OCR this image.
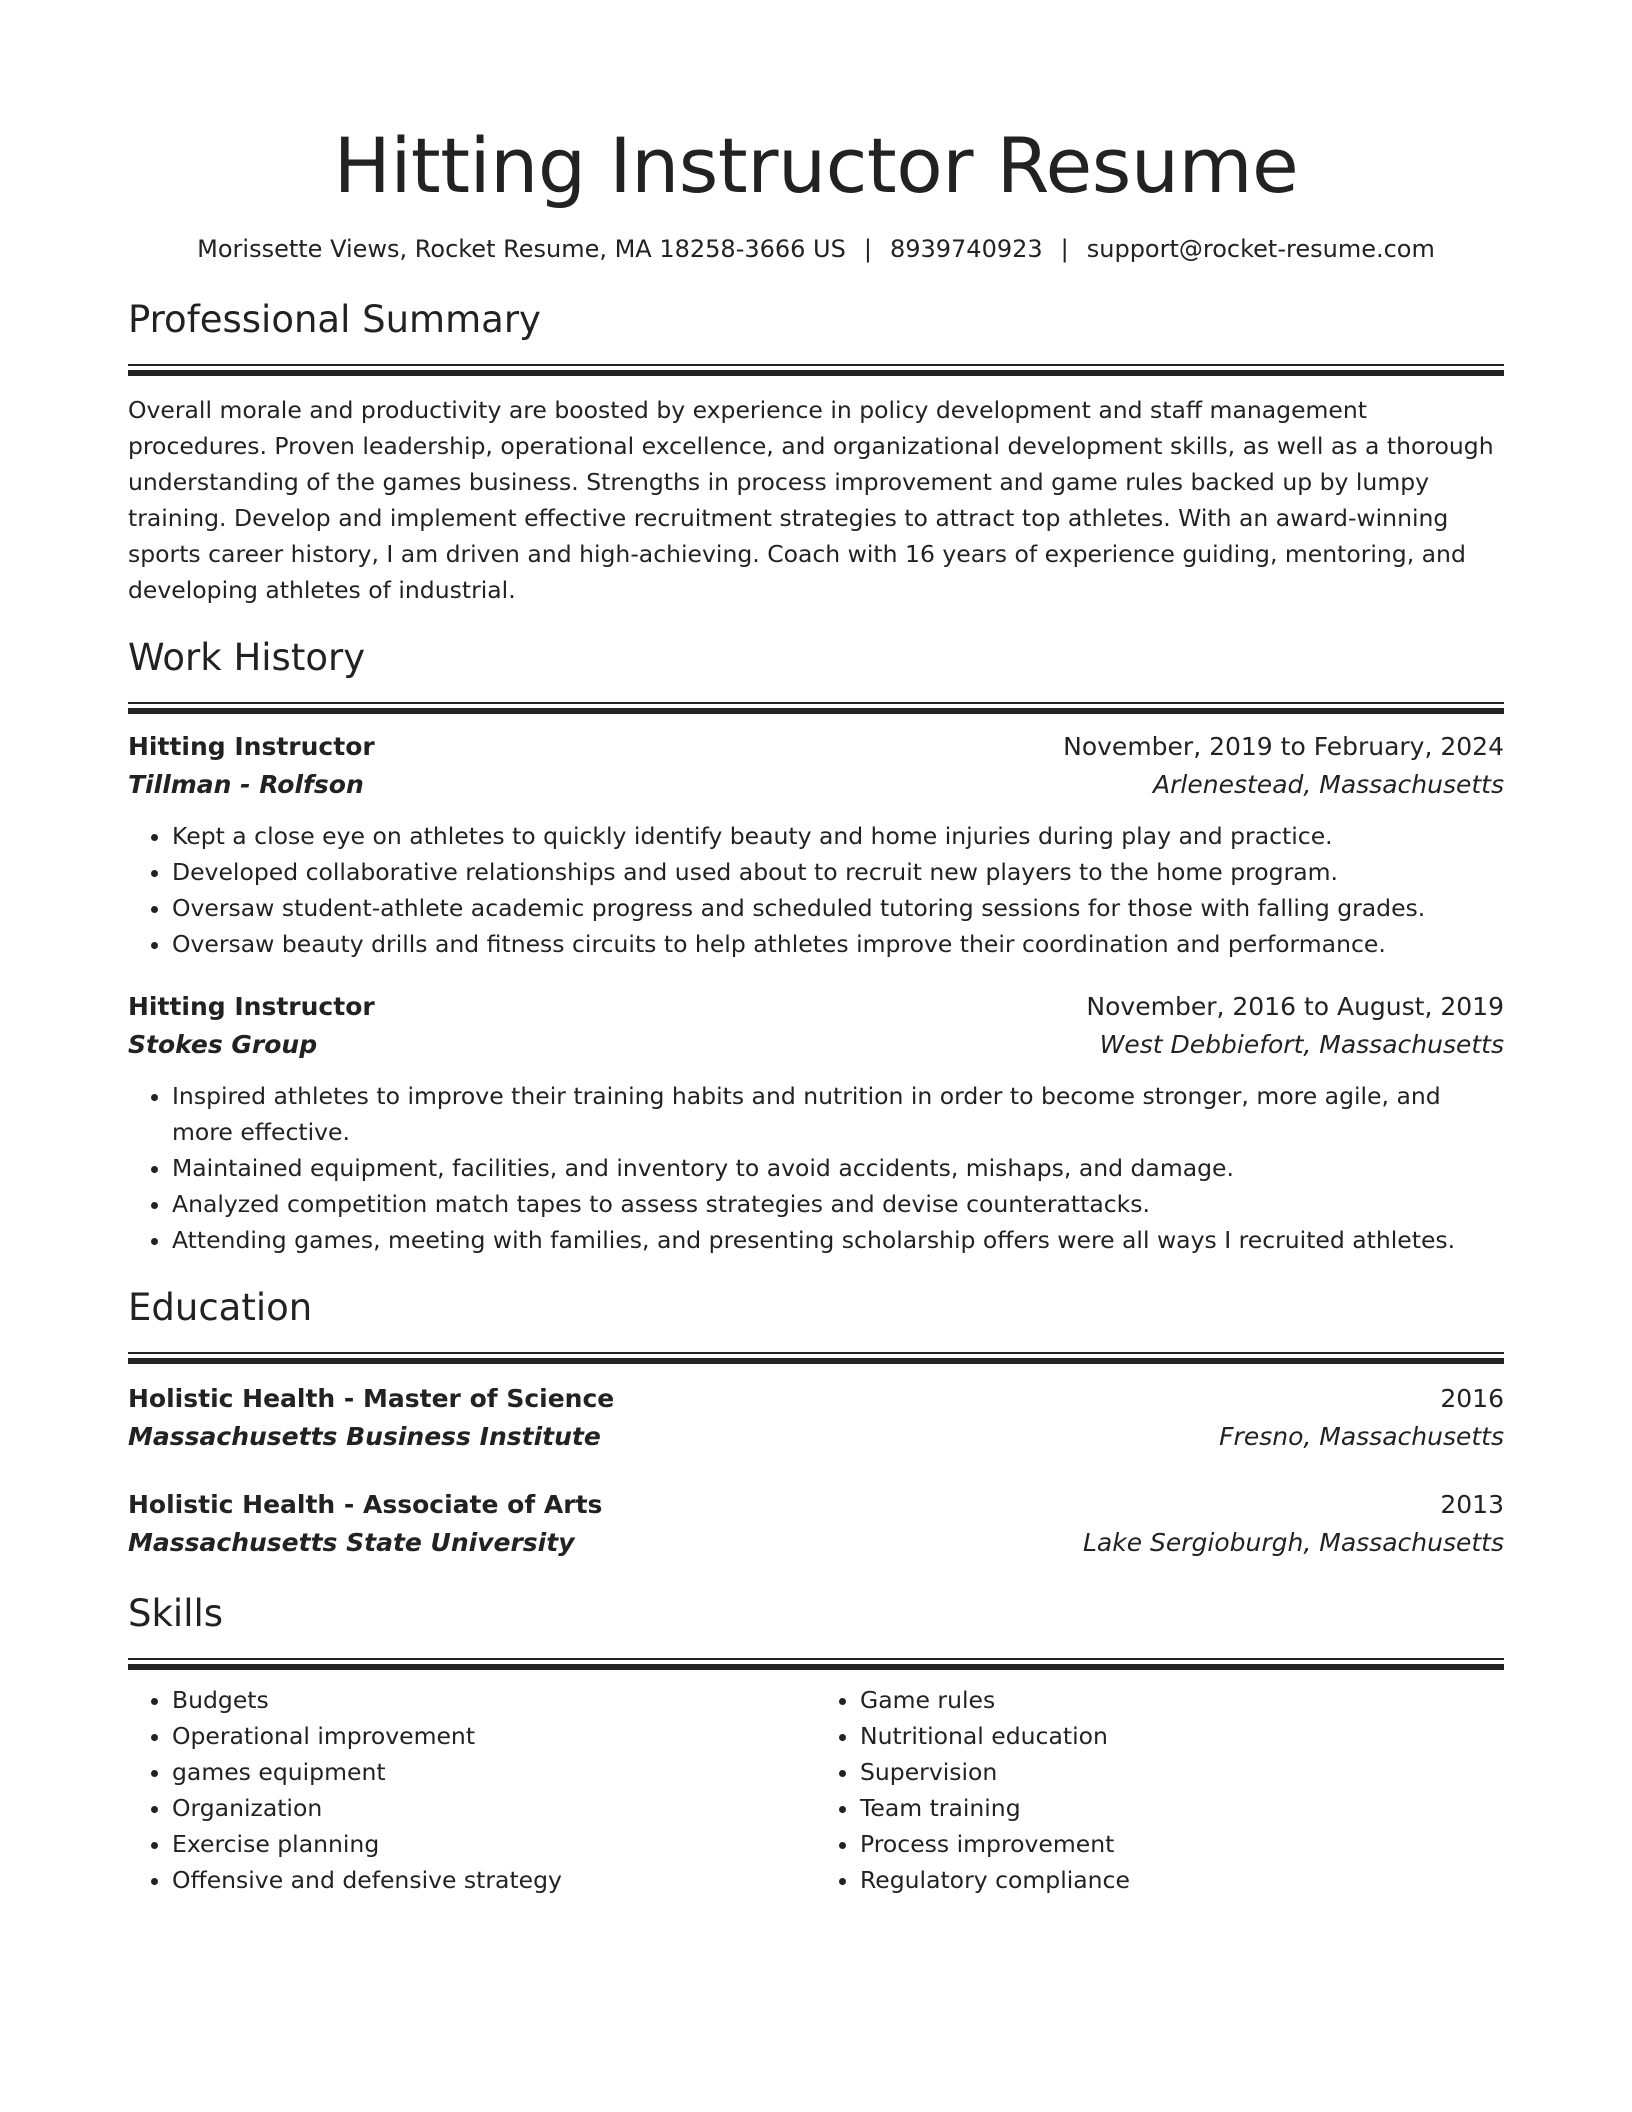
Hitting Instructor Resume
Morissette Views, Rocket Resume, MA 18258-3666 US | 8939740923 | support@rocket-resume.com
Professional Summary

Overall morale and productivity are boosted by experience in policy development and staff management procedures. Proven leadership, operational excellence, and organizational development skills, as well as a thorough understanding of the games business. Strengths in process improvement and game rules backed up by lumpy training. Develop and implement effective recruitment strategies to attract top athletes. With an award-winning sports career history, I am driven and high-achieving. Coach with 16 years of experience guiding, mentoring, and developing athletes of industrial.

Work History
Hitting Instructor	November, 2019 to February, 2024
Tillman - Rolfson	Arlenestead, Massachusetts
• Kept a close eye on athletes to quickly identify beauty and home injuries during play and practice.
• Developed collaborative relationships and used about to recruit new players to the home program.
• Oversaw student-athlete academic progress and scheduled tutoring sessions for those with falling grades.
• Oversaw beauty drills and fitness circuits to help athletes improve their coordination and performance.
Hitting Instructor	November, 2016 to August, 2019
Stokes Group	West Debbiefort, Massachusetts
• Inspired athletes to improve their training habits and nutrition in order to become stronger, more agile, and more effective.
• Maintained equipment, facilities, and inventory to avoid accidents, mishaps, and damage.
• Analyzed competition match tapes to assess strategies and devise counterattacks.
• Attending games, meeting with families, and presenting scholarship offers were all ways I recruited athletes.
Education
Holistic Health - Master of Science	2016
Massachusetts Business Institute	Fresno, Massachusetts
Holistic Health - Associate of Arts	2013
Massachusetts State University	Lake Sergioburgh, Massachusetts
Skills
• Budgets
• Operational improvement
• games equipment
• Organization
• Exercise planning
• Offensive and defensive strategy
• Game rules
• Nutritional education
• Supervision
• Team training
• Process improvement
• Regulatory compliance
